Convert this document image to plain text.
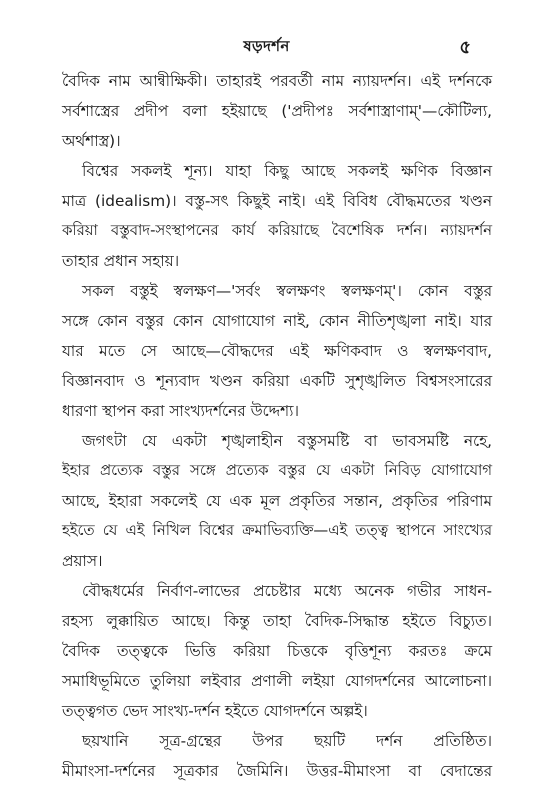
ষড়দর্শন	৫
বৈদিক নাম আন্বীক্ষিকী। তাহারই পরবর্তী নাম ন্যায়দর্শন। এই দর্শনকে
সর্বশাস্ত্রের প্রদীপ বলা হইয়াছে ('প্রদীপঃ সর্বশাস্ত্রাণাম্'—কৌটিল্য,
অর্থশাস্ত্র)।
বিশ্বের সকলই শূন্য। যাহা কিছু আছে সকলই ক্ষণিক বিজ্ঞান
মাত্র (idealism)। বস্তু-সৎ কিছুই নাই। এই বিবিধ বৌদ্ধমতের খণ্ডন
করিয়া বস্তুবাদ-সংস্থাপনের কার্য করিয়াছে বৈশেষিক দর্শন। ন্যায়দর্শন
তাহার প্রধান সহায়।
সকল বস্তুই স্বলক্ষণ—'সর্বং স্বলক্ষণং স্বলক্ষণম্'। কোন বস্তুর
সঙ্গে কোন বস্তুর কোন যোগাযোগ নাই, কোন নীতিশৃঙ্খলা নাই। যার
যার মতে সে আছে—বৌদ্ধদের এই ক্ষণিকবাদ ও স্বলক্ষণবাদ,
বিজ্ঞানবাদ ও শূন্যবাদ খণ্ডন করিয়া একটি সুশৃঙ্খলিত বিশ্বসংসারের
ধারণা স্থাপন করা সাংখ্যদর্শনের উদ্দেশ্য।
জগৎটা যে একটা শৃঙ্খলাহীন বস্তুসমষ্টি বা ভাবসমষ্টি নহে,
ইহার প্রত্যেক বস্তুর সঙ্গে প্রত্যেক বস্তুর যে একটা নিবিড় যোগাযোগ
আছে, ইহারা সকলেই যে এক মূল প্রকৃতির সন্তান, প্রকৃতির পরিণাম
হইতে যে এই নিখিল বিশ্বের ক্রমাভিব্যক্তি—এই তত্ত্ব স্থাপনে সাংখ্যের
প্রয়াস।
বৌদ্ধধর্মের নির্বাণ-লাভের প্রচেষ্টার মধ্যে অনেক গভীর সাধন-
রহস্য লুক্কায়িত আছে। কিন্তু তাহা বৈদিক-সিদ্ধান্ত হইতে বিচ্যুত।
বৈদিক তত্ত্বকে ভিত্তি করিয়া চিত্তকে বৃত্তিশূন্য করতঃ ক্রমে
সমাধিভূমিতে তুলিয়া লইবার প্রণালী লইয়া যোগদর্শনের আলোচনা।
তত্ত্বগত ভেদ সাংখ্য-দর্শন হইতে যোগদর্শনে অল্পই।
ছয়খানি সূত্র-গ্রন্থের উপর ছয়টি দর্শন প্রতিষ্ঠিত।
মীমাংসা-দর্শনের সূত্রকার জৈমিনি। উত্তর-মীমাংসা বা বেদান্তের
